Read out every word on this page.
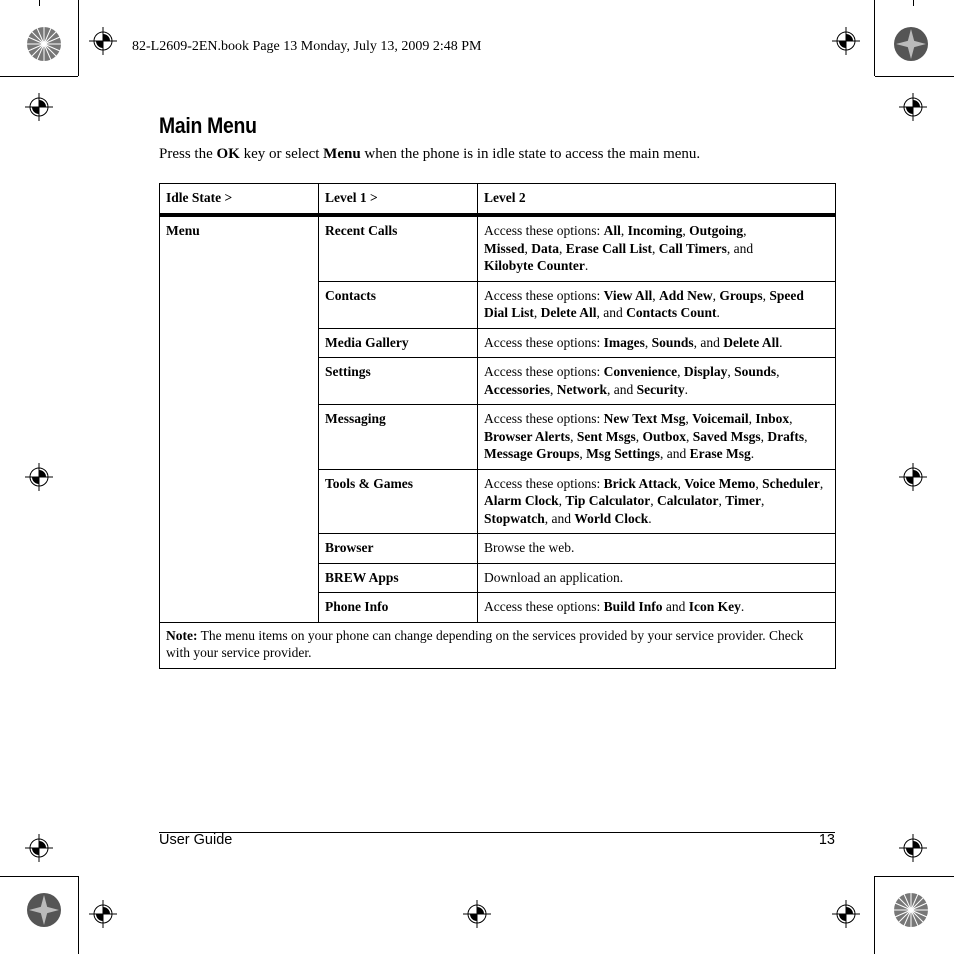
82-L2609-2EN.book Page 13 Monday, July 13, 2009 2:48 PM
Main Menu

Press the OK key or select Menu when the phone is in idle state to access the main menu.

Idle State >	Level 1 >	Level 2
Menu	Recent Calls	Access these options: All, Incoming, Outgoing,
Missed, Data, Erase Call List, Call Timers, and
Kilobyte Counter.
	Contacts	Access these options: View All, Add New, Groups, Speed Dial List, Delete All, and Contacts Count.
	Media Gallery	Access these options: Images, Sounds, and Delete All.
	Settings	Access these options: Convenience, Display, Sounds, Accessories, Network, and Security.
	Messaging	Access these options: New Text Msg, Voicemail, Inbox, Browser Alerts, Sent Msgs, Outbox, Saved Msgs, Drafts, Message Groups, Msg Settings, and Erase Msg.
	Tools & Games	Access these options: Brick Attack, Voice Memo, Scheduler, Alarm Clock, Tip Calculator, Calculator, Timer, Stopwatch, and World Clock.
	Browser	Browse the web.
	BREW Apps	Download an application.
	Phone Info	Access these options: Build Info and Icon Key.
Note: The menu items on your phone can change depending on the services provided by your service provider. Check with your service provider.		
User Guide	13
